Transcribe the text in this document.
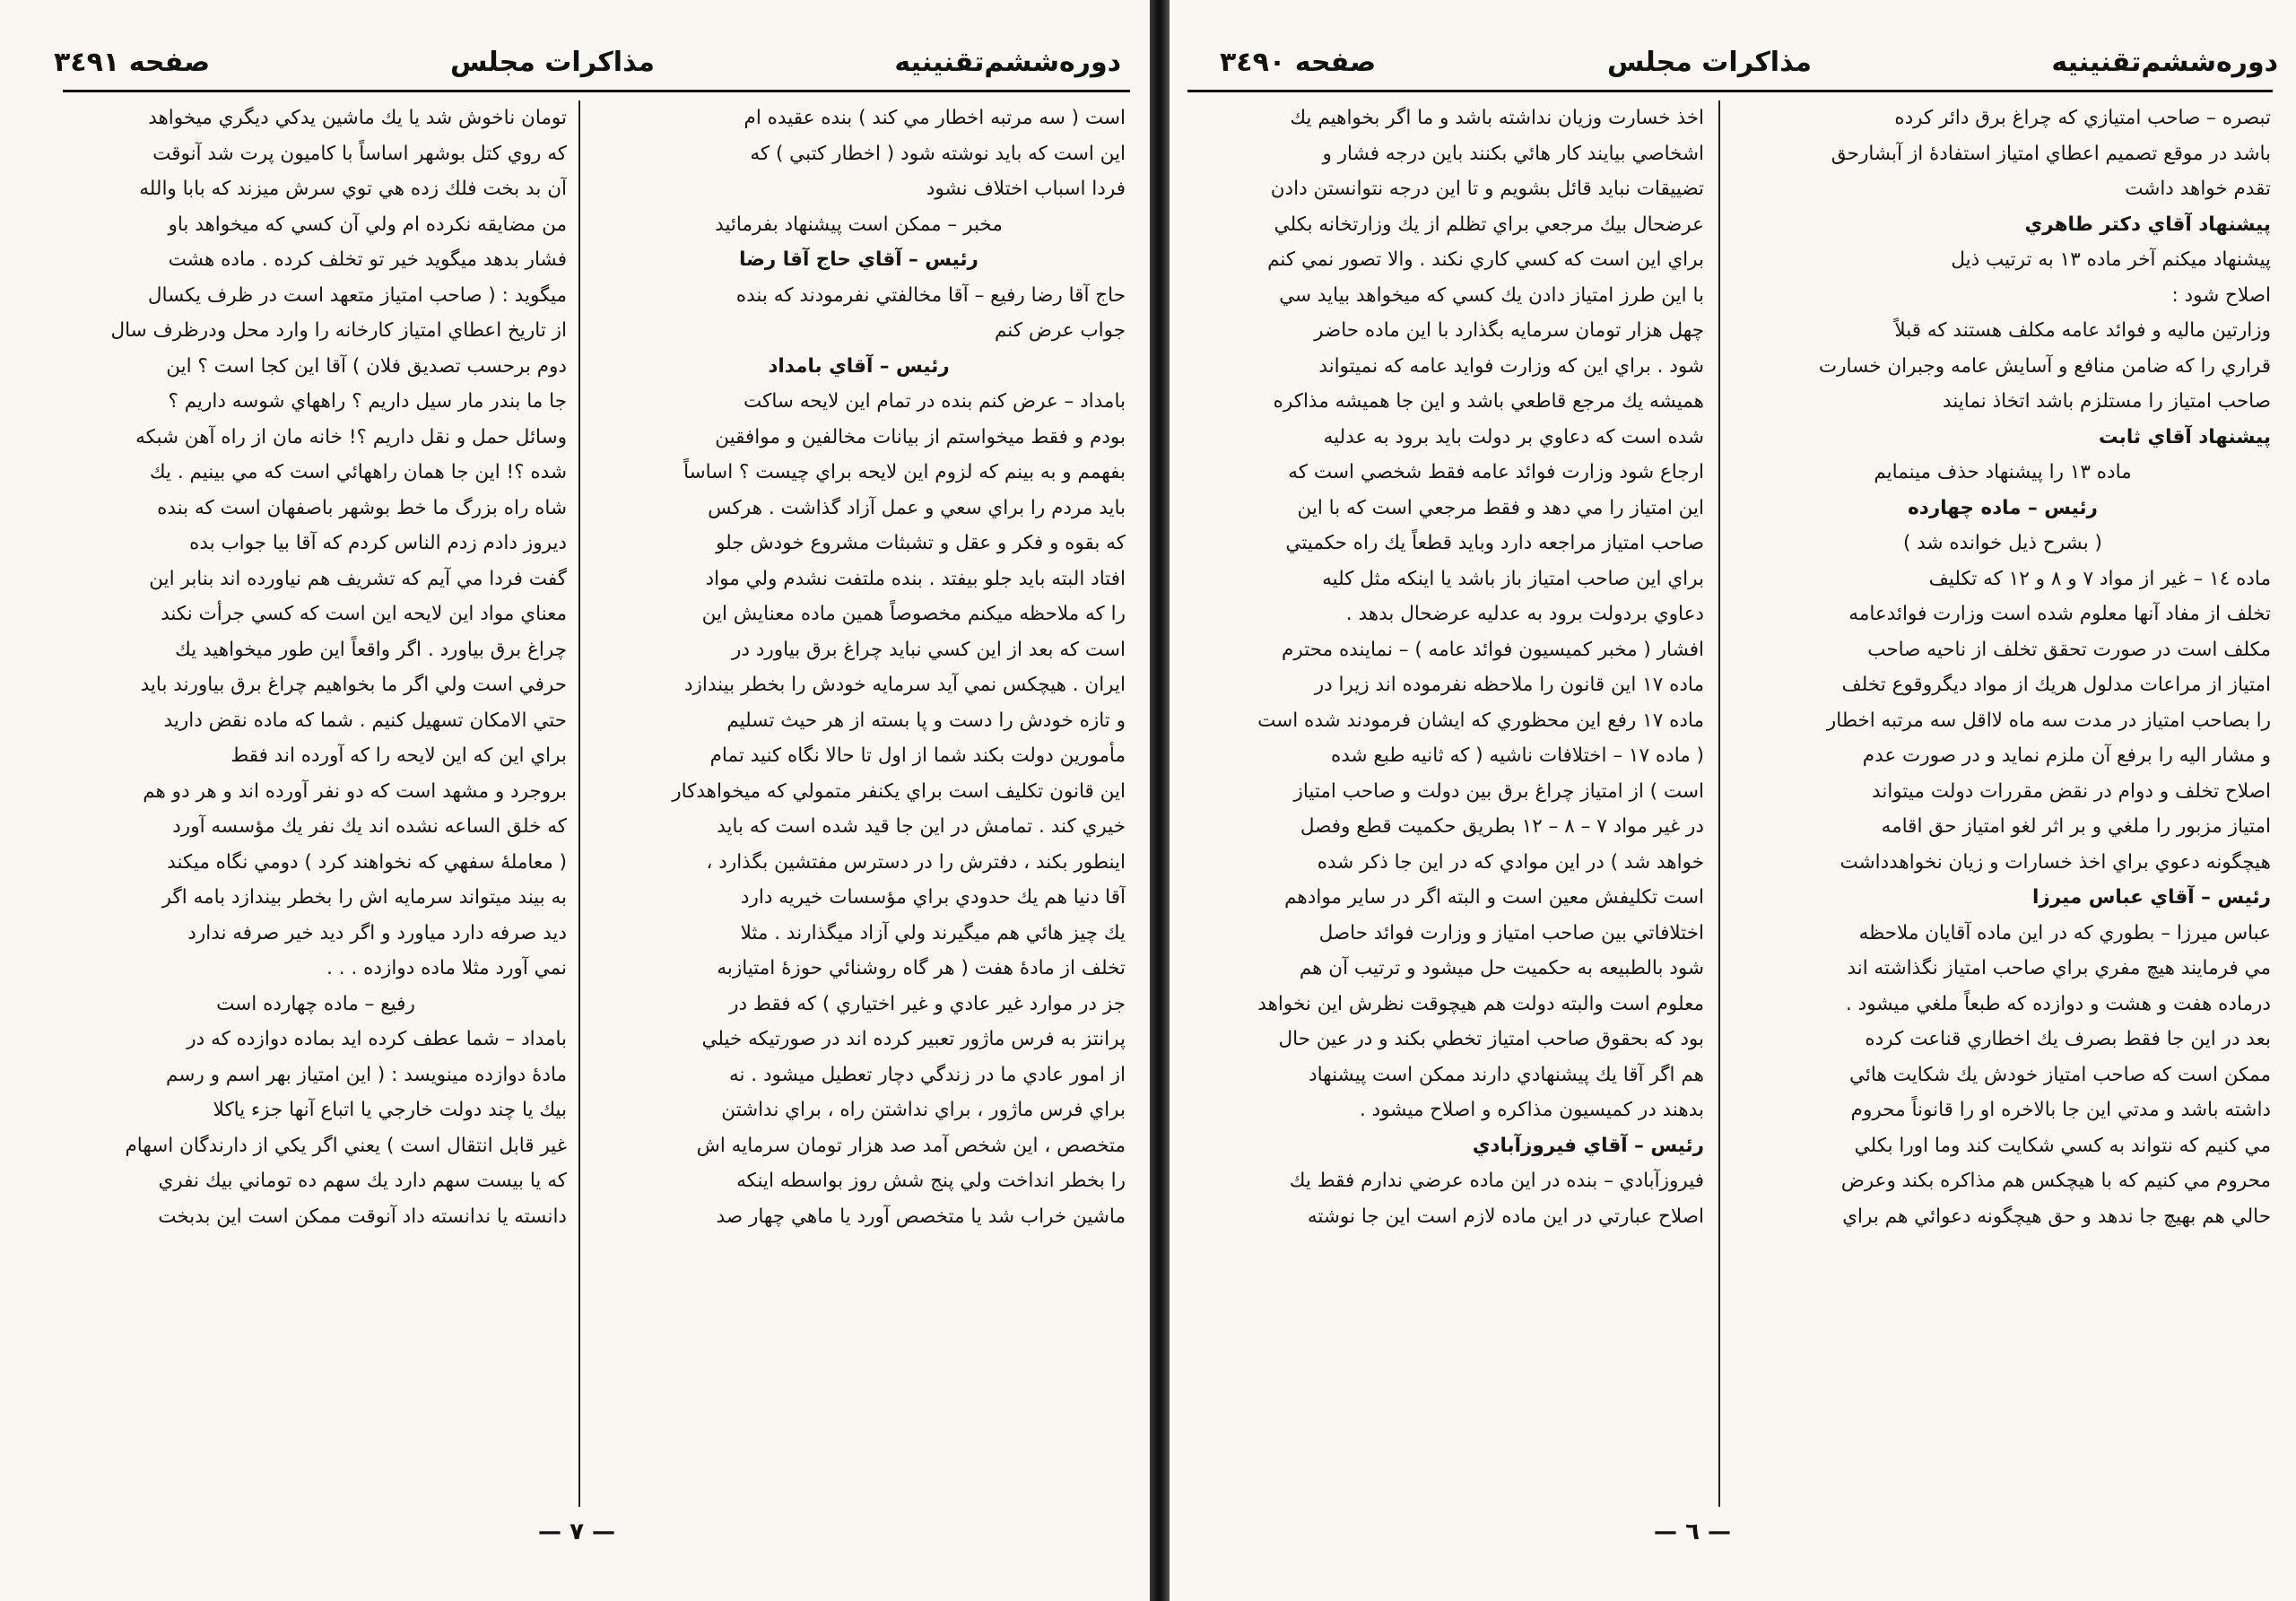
دوره‌ششم‌تقنينيه
مذاكرات مجلس
صفحه ٣٤٩١

است ( سه مرتبه اخطار مي كند ) بنده عقيده ام

اين است كه بايد نوشته شود ( اخطار كتبي ) كه

فردا اسباب اختلاف نشود

مخبر – ممكن است پيشنهاد بفرمائيد

رئيس – آقاي حاج آقا رضا

حاج آقا رضا رفيع – آقا مخالفتي نفرمودند كه بنده

جواب عرض كنم

رئيس – آقاي بامداد

بامداد – عرض كنم بنده در تمام اين لايحه ساكت

بودم و فقط ميخواستم از بيانات مخالفين و موافقين

بفهمم و به بينم كه لزوم اين لايحه براي چيست ؟ اساساً

بايد مردم را براي سعي و عمل آزاد گذاشت . هركس

كه بقوه و فكر و عقل و تشبثات مشروع خودش جلو

افتاد البته بايد جلو بيفتد . بنده ملتفت نشدم ولي مواد

را كه ملاحظه ميكنم مخصوصاً همين ماده معنايش اين

است كه بعد از اين كسي نبايد چراغ برق بياورد در

ايران . هيچكس نمي آيد سرمايه خودش را بخطر بيندازد

و تازه خودش را دست و پا بسته از هر حيث تسليم

مأمورين دولت بكند شما از اول تا حالا نگاه كنيد تمام

اين قانون تكليف است براي يكنفر متمولي كه ميخواهدكار

خيري كند . تمامش در اين جا قيد شده است كه بايد

اينطور بكند ، دفترش را در دسترس مفتشين بگذارد ،

آقا دنيا هم يك حدودي براي مؤسسات خيريه دارد

يك چيز هائي هم ميگيرند ولي آزاد ميگذارند . مثلا

تخلف از مادهٔ هفت ( هر گاه روشنائي حوزهٔ امتيازبه

جز در موارد غير عادي و غير اختياري ) كه فقط در

پرانتز به فرس ماژور تعبير كرده اند در صورتيكه خيلي

از امور عادي ما در زندگي دچار تعطيل ميشود . نه

براي فرس ماژور ، براي نداشتن راه ، براي نداشتن

متخصص ، اين شخص آمد صد هزار تومان سرمايه اش

را بخطر انداخت ولي پنج شش روز بواسطه اينكه

ماشين خراب شد يا متخصص آورد يا ماهي چهار صد

تومان ناخوش شد يا يك ماشين يدكي ديگري ميخواهد

كه روي كتل بوشهر اساساً با كاميون پرت شد آنوقت

آن بد بخت فلك زده هي توي سرش ميزند كه بابا والله

من مضايقه نكرده ام ولي آن كسي كه ميخواهد باو

فشار بدهد ميگويد خير تو تخلف كرده . ماده هشت

ميگويد : ( صاحب امتياز متعهد است در ظرف يكسال

از تاريخ اعطاي امتياز كارخانه را وارد محل ودرظرف سال

دوم برحسب تصديق فلان ) آقا اين كجا است ؟ اين

جا ما بندر مار سيل داريم ؟ راههاي شوسه داريم ؟

وسائل حمل و نقل داريم ؟! خانه مان از راه آهن شبكه

شده ؟! اين جا همان راههائي است كه مي بينيم . يك

شاه راه بزرگ ما خط بوشهر باصفهان است كه بنده

ديروز دادم زدم الناس كردم كه آقا بيا جواب بده

گفت فردا مي آيم كه تشريف هم نياورده اند بنابر اين

معناي مواد اين لايحه اين است كه كسي جرأت نكند

چراغ برق بياورد . اگر واقعاً اين طور ميخواهيد يك

حرفي است ولي اگر ما بخواهيم چراغ برق بياورند بايد

حتي الامكان تسهيل كنيم . شما كه ماده نقض داريد

براي اين كه اين لايحه را كه آورده اند فقط

بروجرد و مشهد است كه دو نفر آورده اند و هر دو هم

كه خلق الساعه نشده اند يك نفر يك مؤسسه آورد

( معاملهٔ سفهي كه نخواهند كرد ) دومي نگاه ميكند

به بيند ميتواند سرمايه اش را بخطر بيندازد بامه اگر

ديد صرفه دارد مياورد و اگر ديد خير صرفه ندارد

نمي آورد مثلا ماده دوازده . . .

رفيع – ماده چهارده است

بامداد – شما عطف كرده ايد بماده دوازده كه در

مادهٔ دوازده مينويسد : ( اين امتياز بهر اسم و رسم

بيك يا چند دولت خارجي يا اتباع آنها جزء ياكلا

غير قابل انتقال است ) يعني اگر يكي از دارندگان اسهام

كه يا بيست سهم دارد يك سهم ده توماني بيك نفري

دانسته يا ندانسته داد آنوقت ممكن است اين بدبخت

— ٧ —
دوره‌ششم‌تقنينيه
مذاكرات مجلس
صفحه ٣٤٩٠

تبصره – صاحب امتيازي كه چراغ برق دائر كرده

باشد در موقع تصميم اعطاي امتياز استفادهٔ از آبشارحق

تقدم خواهد داشت

پيشنهاد آقاي دكتر طاهري

پيشنهاد ميكنم آخر ماده ١٣ به ترتيب ذيل

اصلاح شود :

وزارتين ماليه و فوائد عامه مكلف هستند كه قبلاً

قراري را كه ضامن منافع و آسايش عامه وجبران خسارت

صاحب امتياز را مستلزم باشد اتخاذ نمايند

پيشنهاد آقاي ثابت

ماده ١٣ را پيشنهاد حذف مينمايم

رئيس – ماده چهارده

( بشرح ذيل خوانده شد )

ماده ١٤ – غير از مواد ٧ و ٨ و ١٢ كه تكليف

تخلف از مفاد آنها معلوم شده است وزارت فوائدعامه

مكلف است در صورت تحقق تخلف از ناحيه صاحب

امتياز از مراعات مدلول هريك از مواد ديگروقوع تخلف

را بصاحب امتياز در مدت سه ماه لااقل سه مرتبه اخطار

و مشار اليه را برفع آن ملزم نمايد و در صورت عدم

اصلاح تخلف و دوام در نقض مقررات دولت ميتواند

امتياز مزبور را ملغي و بر اثر لغو امتياز حق اقامه

هيچگونه دعوي براي اخذ خسارات و زيان نخواهدداشت

رئيس – آقاي عباس ميرزا

عباس ميرزا – بطوري كه در اين ماده آقايان ملاحظه

مي فرمايند هيچ مفري براي صاحب امتياز نگذاشته اند

درماده هفت و هشت و دوازده كه طبعاً ملغي ميشود .

بعد در اين جا فقط بصرف يك اخطاري قناعت كرده

ممكن است كه صاحب امتياز خودش يك شكايت هائي

داشته باشد و مدتي اين جا بالاخره او را قانوناً محروم

مي كنيم كه نتواند به كسي شكايت كند وما اورا بكلي

محروم مي كنيم كه با هيچكس هم مذاكره بكند وعرض

حالي هم بهيچ جا ندهد و حق هيچگونه دعوائي هم براي

اخذ خسارت وزيان نداشته باشد و ما اگر بخواهيم يك

اشخاصي بيايند كار هائي بكنند باين درجه فشار و

تضييقات نبايد قائل بشويم و تا اين درجه نتوانستن دادن

عرضحال بيك مرجعي براي تظلم از يك وزارتخانه بكلي

براي اين است كه كسي كاري نكند . والا تصور نمي كنم

با اين طرز امتياز دادن يك كسي كه ميخواهد بيايد سي

چهل هزار تومان سرمايه بگذارد با اين ماده حاضر

شود . براي اين كه وزارت فوايد عامه كه نميتواند

هميشه يك مرجع قاطعي باشد و اين جا هميشه مذاكره

شده است كه دعاوي بر دولت بايد برود به عدليه

ارجاع شود وزارت فوائد عامه فقط شخصي است كه

اين امتياز را مي دهد و فقط مرجعي است كه با اين

صاحب امتياز مراجعه دارد وبايد قطعاً يك راه حكميتي

براي اين صاحب امتياز باز باشد يا اينكه مثل كليه

دعاوي بردولت برود به عدليه عرضحال بدهد .

افشار ( مخبر كميسيون فوائد عامه ) – نماينده محترم

ماده ١٧ اين قانون را ملاحظه نفرموده اند زيرا در

ماده ١٧ رفع اين محظوري كه ايشان فرمودند شده است

( ماده ١٧ – اختلافات ناشيه ( كه ثانيه طبع شده

است ) از امتياز چراغ برق بين دولت و صاحب امتياز

در غير مواد ٧ – ٨ – ١٢ بطريق حكميت قطع وفصل

خواهد شد ) در اين موادي كه در اين جا ذكر شده

است تكليفش معين است و البته اگر در ساير موادهم

اختلافاتي بين صاحب امتياز و وزارت فوائد حاصل

شود بالطبيعه به حكميت حل ميشود و ترتيب آن هم

معلوم است والبته دولت هم هيچوقت نظرش اين نخواهد

بود كه بحقوق صاحب امتياز تخطي بكند و در عين حال

هم اگر آقا يك پيشنهادي دارند ممكن است پيشنهاد

بدهند در كميسيون مذاكره و اصلاح ميشود .

رئيس – آقاي فيروزآبادي

فيروزآبادي – بنده در اين ماده عرضي ندارم فقط يك

اصلاح عبارتي در اين ماده لازم است اين جا نوشته

— ٦ —
